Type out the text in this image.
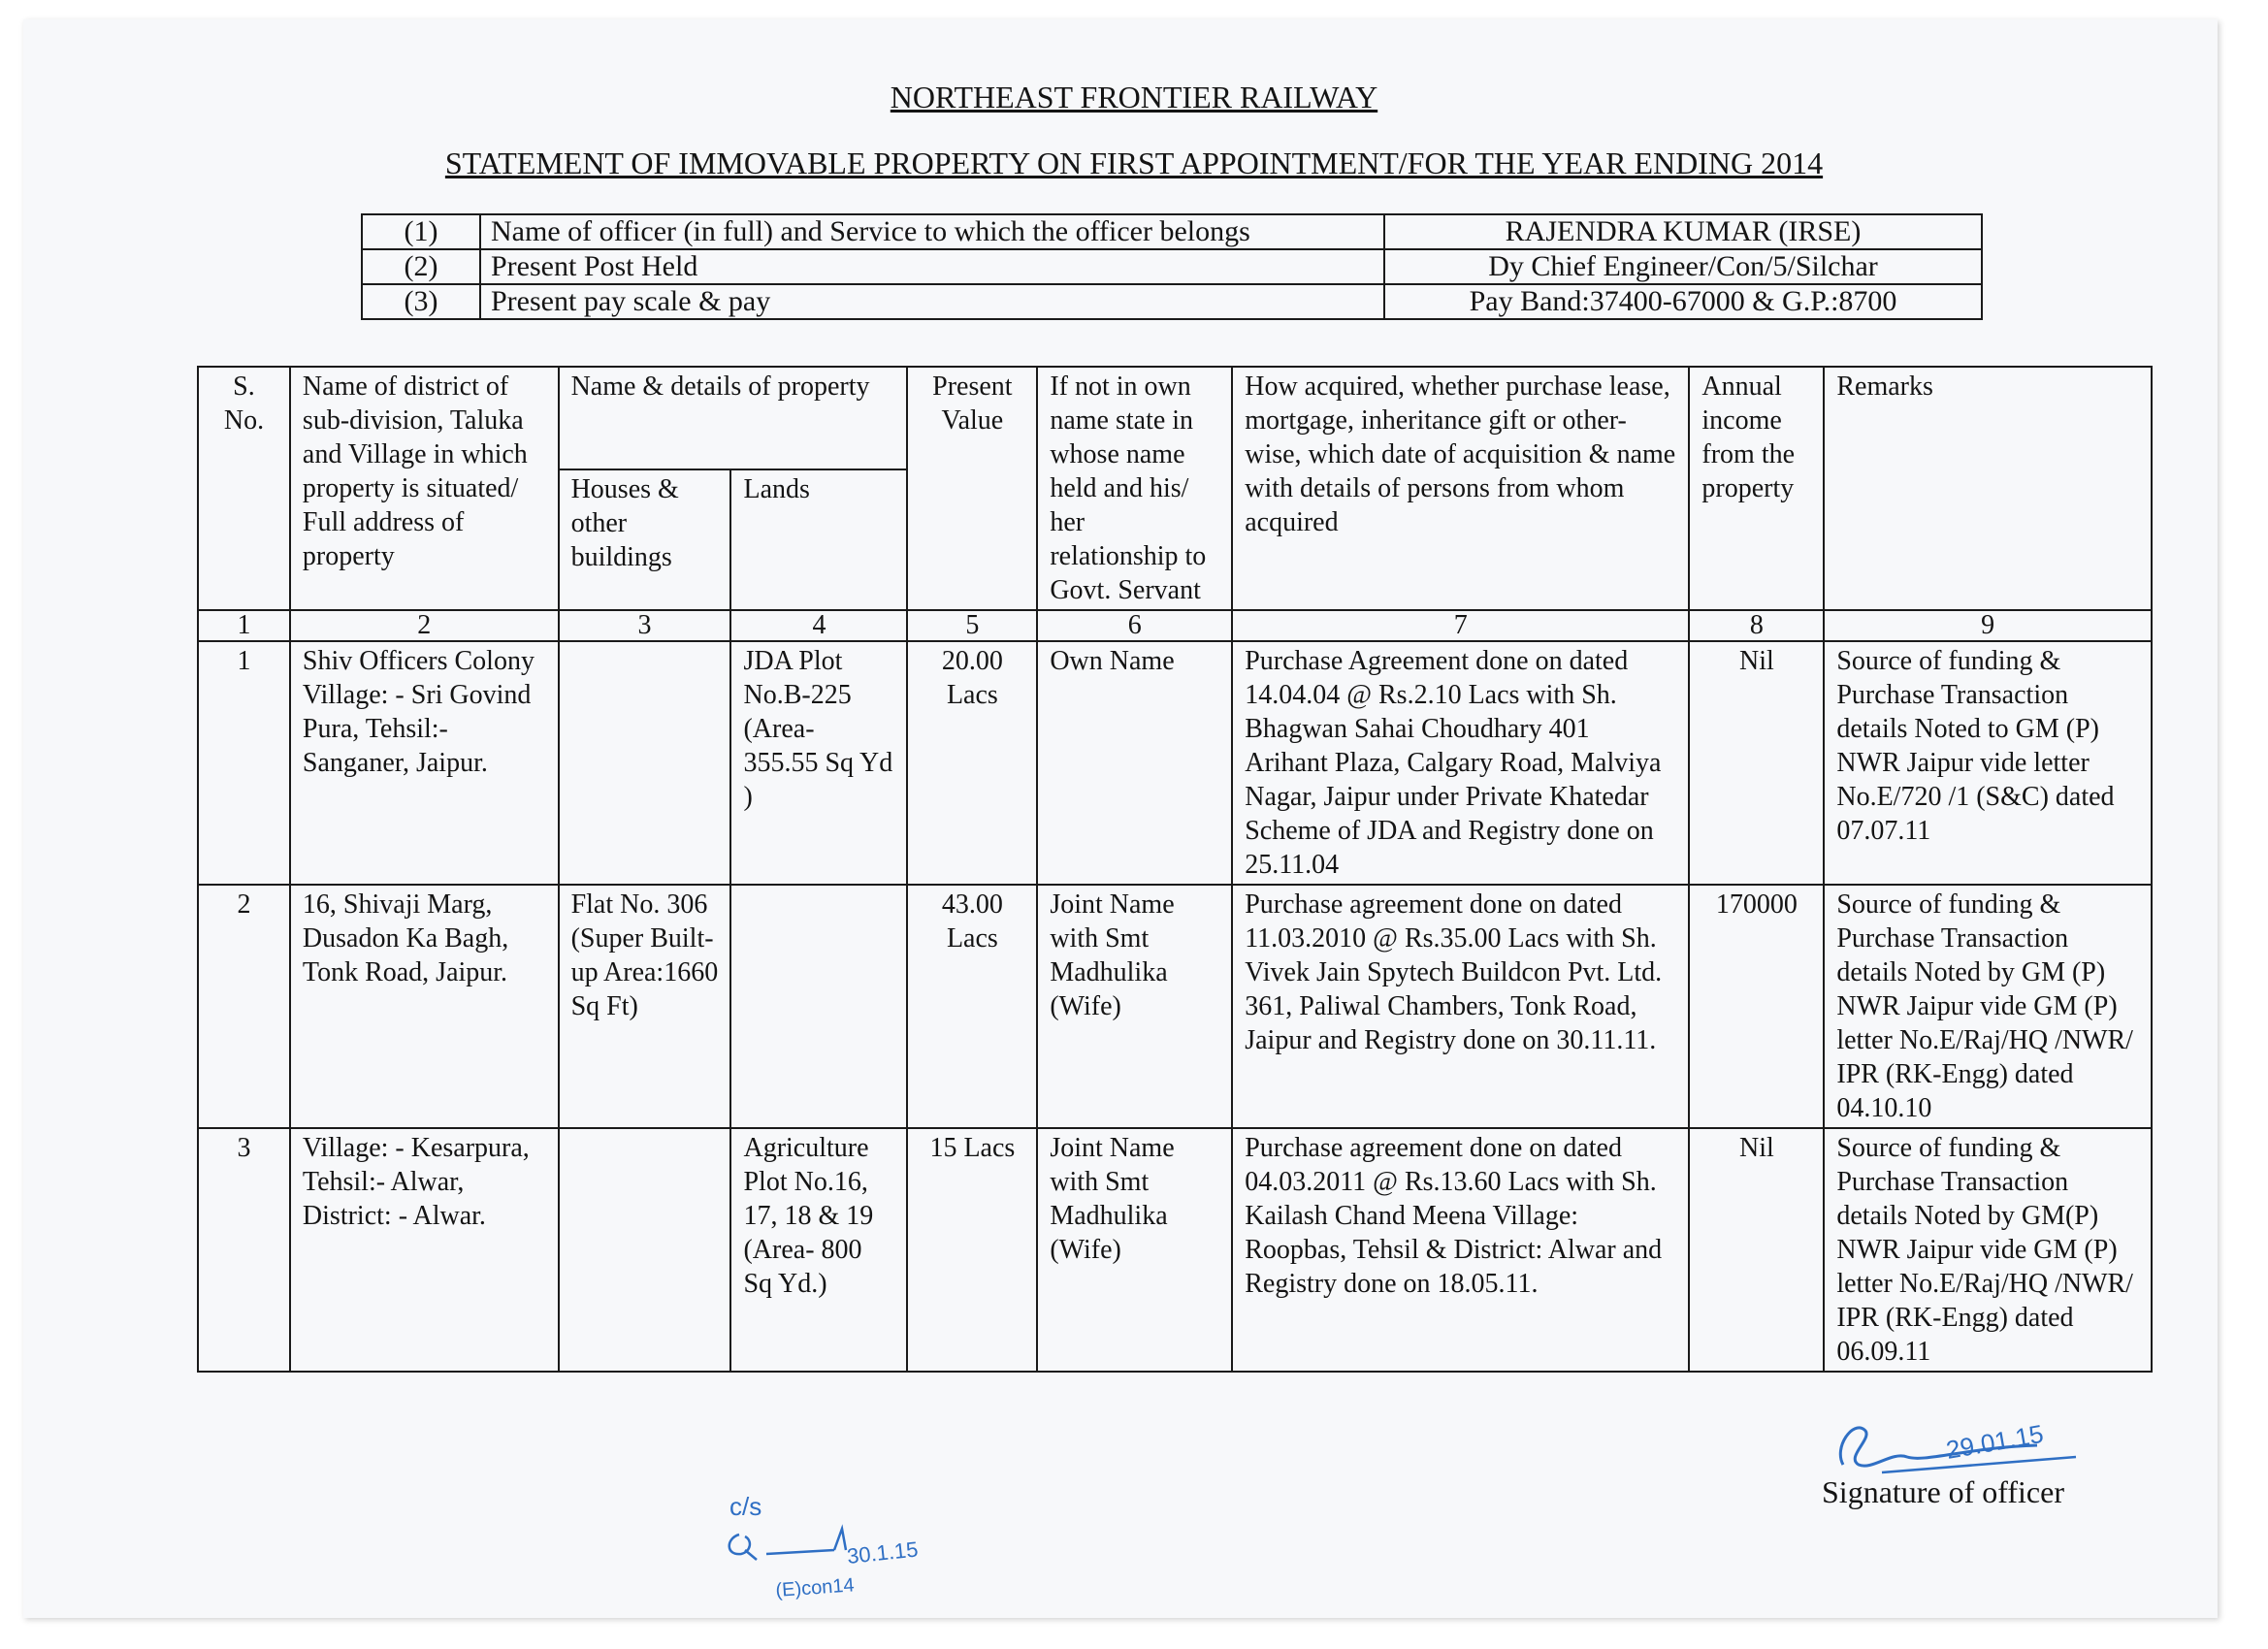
NORTHEAST FRONTIER RAILWAY
STATEMENT OF IMMOVABLE PROPERTY ON FIRST APPOINTMENT/FOR THE YEAR ENDING 2014
(1)	Name of officer (in full) and Service to which the officer belongs	RAJENDRA KUMAR (IRSE)
(2)	Present Post Held	Dy Chief Engineer/Con/5/Silchar
(3)	Present pay scale & pay	Pay Band:37400-67000 & G.P.:8700
S. No.	Name of district of sub-division, Taluka and Village in which property is situated/ Full address of property	Name & details of property		Present Value	If not in own name state in whose name held and his/ her relationship to Govt. Servant	How acquired, whether purchase lease, mortgage, inheritance gift or other-wise, which date of acquisition & name with details of persons from whom acquired	Annual income from the property	Remarks
		Houses & other buildings	Lands					
1	2	3	4	5	6	7	8	9
1	Shiv Officers Colony Village: - Sri Govind Pura, Tehsil:-Sanganer, Jaipur.		JDA Plot No.B-225 (Area- 355.55 Sq Yd )	20.00 Lacs	Own Name	Purchase Agreement done on dated 14.04.04 @ Rs.2.10 Lacs with Sh. Bhagwan Sahai Choudhary 401 Arihant Plaza, Calgary Road, Malviya Nagar, Jaipur under Private Khatedar Scheme of JDA and Registry done on 25.11.04	Nil	Source of funding & Purchase Transaction details Noted to GM (P) NWR Jaipur vide letter No.E/720 /1 (S&C) dated 07.07.11
2	16, Shivaji Marg, Dusadon Ka Bagh, Tonk Road, Jaipur.	Flat No. 306 (Super Built-up Area:1660 Sq Ft)		43.00 Lacs	Joint Name with Smt Madhulika (Wife)	Purchase agreement done on dated 11.03.2010 @ Rs.35.00 Lacs with Sh. Vivek Jain Spytech Buildcon Pvt. Ltd. 361, Paliwal Chambers, Tonk Road, Jaipur and Registry done on 30.11.11.	170000	Source of funding & Purchase Transaction details Noted by GM (P) NWR Jaipur vide GM (P) letter No.E/Raj/HQ /NWR/ IPR (RK-Engg) dated 04.10.10
3	Village: - Kesarpura, Tehsil:- Alwar, District: - Alwar.		Agriculture Plot No.16, 17, 18 & 19 (Area- 800 Sq Yd.)	15 Lacs	Joint Name with Smt Madhulika (Wife)	Purchase agreement done on dated 04.03.2011 @ Rs.13.60 Lacs with Sh. Kailash Chand Meena Village: Roopbas, Tehsil & District: Alwar and Registry done on 18.05.11.	Nil	Source of funding & Purchase Transaction details Noted by GM(P) NWR Jaipur vide GM (P) letter No.E/Raj/HQ /NWR/ IPR (RK-Engg) dated 06.09.11
29.01.15
Signature of officer
c/s
30.1.15
(E)con14
